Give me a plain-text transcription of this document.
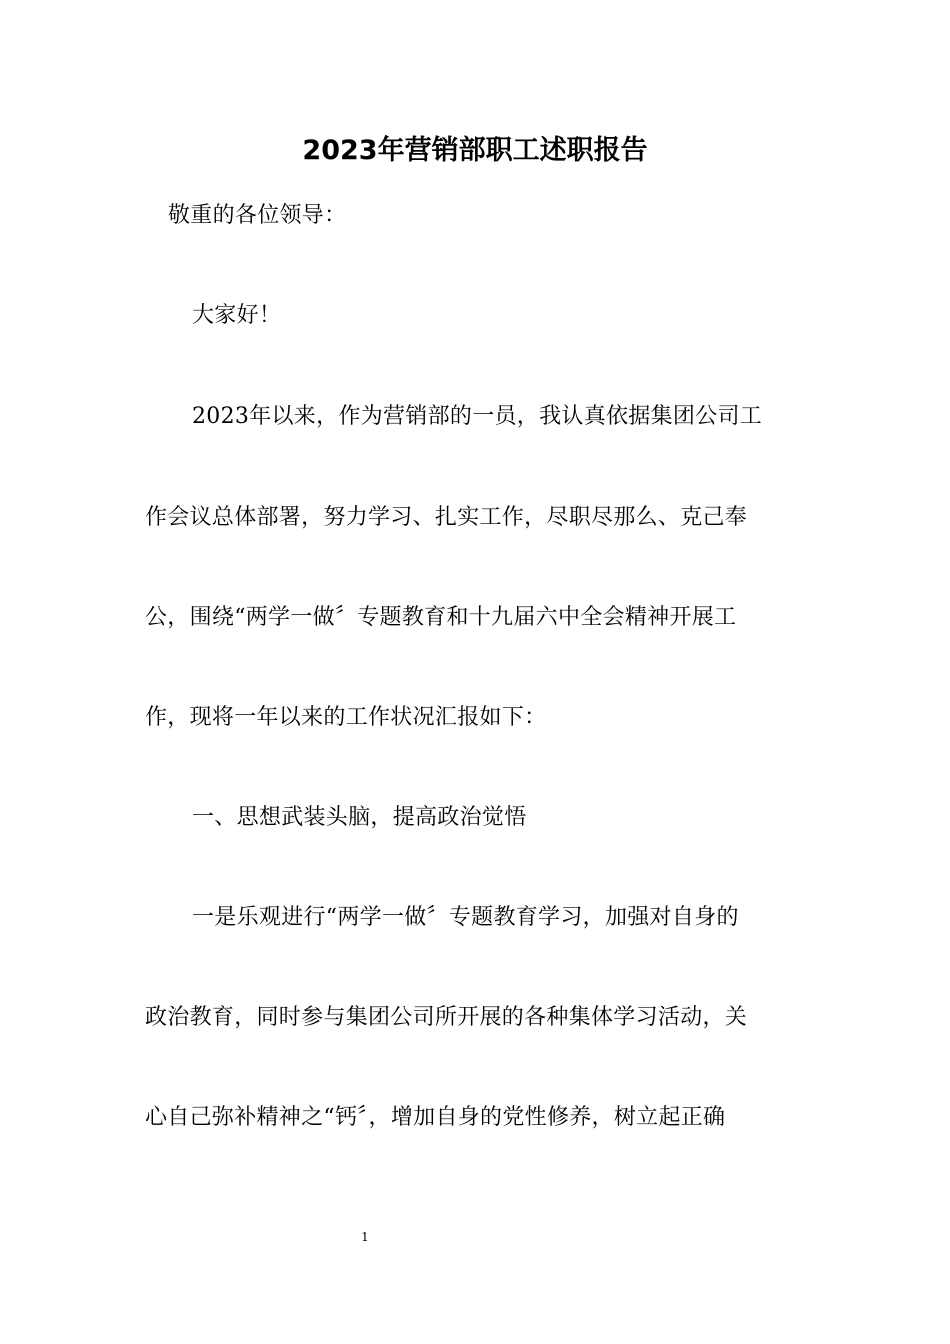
2023年营销部职工述职报告
敬重的各位领导：
大家好！
2023年以来，作为营销部的一员，我认真依据集团公司工
作会议总体部署，努力学习、扎实工作，尽职尽那么、克己奉
公，围绕“两学一做〞专题教育和十九届六中全会精神开展工
作，现将一年以来的工作状况汇报如下：
一、思想武装头脑，提高政治觉悟
一是乐观进行“两学一做〞专题教育学习，加强对自身的
政治教育，同时参与集团公司所开展的各种集体学习活动，关
心自己弥补精神之“钙〞，增加自身的党性修养，树立起正确
1
